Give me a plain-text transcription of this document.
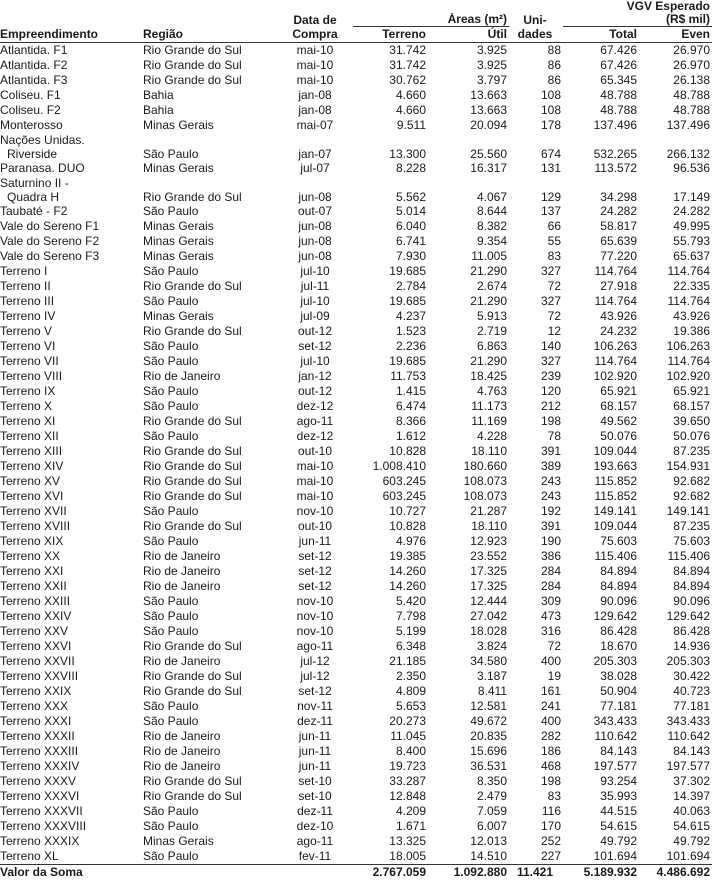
						VGV Esperado	
		Data de	Áreas (m²)		Uni-	(R$ mil)	
Empreendimento	Região	Compra	Terreno	Útil	dades	Total	Even

Atlantida. F1	Rio Grande do Sul	mai-10	31.742	3.925	88	67.426	26.970

Atlantida. F2	Rio Grande do Sul	mai-10	31.742	3.925	86	67.426	26.970

Atlantida. F3	Rio Grande do Sul	mai-10	30.762	3.797	86	65.345	26.138

Coliseu. F1	Bahia	jan-08	4.660	13.663	108	48.788	48.788

Coliseu. F2	Bahia	jan-08	4.660	13.663	108	48.788	48.788

Monterosso	Minas Gerais	mai-07	9.511	20.094	178	137.496	137.496

Nações Unidas.
Riverside	São Paulo	jan-07	13.300	25.560	674	532.265	266.132

Paranasa. DUO	Minas Gerais	jul-07	8.228	16.317	131	113.572	96.536

Saturnino II -
Quadra H	Rio Grande do Sul	jun-08	5.562	4.067	129	34.298	17.149

Taubaté - F2	São Paulo	out-07	5.014	8.644	137	24.282	24.282

Vale do Sereno F1	Minas Gerais	jun-08	6.040	8.382	66	58.817	49.995

Vale do Sereno F2	Minas Gerais	jun-08	6.741	9.354	55	65.639	55.793

Vale do Sereno F3	Minas Gerais	jun-08	7.930	11.005	83	77.220	65.637

Terreno I	São Paulo	jul-10	19.685	21.290	327	114.764	114.764

Terreno II	Rio Grande do Sul	jul-11	2.784	2.674	72	27.918	22.335

Terreno III	São Paulo	jul-10	19.685	21.290	327	114.764	114.764

Terreno IV	Minas Gerais	jul-09	4.237	5.913	72	43.926	43.926

Terreno V	Rio Grande do Sul	out-12	1.523	2.719	12	24.232	19.386

Terreno VI	São Paulo	set-12	2.236	6.863	140	106.263	106.263

Terreno VII	São Paulo	jul-10	19.685	21.290	327	114.764	114.764

Terreno VIII	Rio de Janeiro	jan-12	11.753	18.425	239	102.920	102.920

Terreno IX	São Paulo	out-12	1.415	4.763	120	65.921	65.921

Terreno X	São Paulo	dez-12	6.474	11.173	212	68.157	68.157

Terreno XI	Rio Grande do Sul	ago-11	8.366	11.169	198	49.562	39.650

Terreno XII	São Paulo	dez-12	1.612	4.228	78	50.076	50.076

Terreno XIII	Rio Grande do Sul	out-10	10.828	18.110	391	109.044	87.235

Terreno XIV	Rio Grande do Sul	mai-10	1.008.410	180.660	389	193.663	154.931

Terreno XV	Rio Grande do Sul	mai-10	603.245	108.073	243	115.852	92.682

Terreno XVI	Rio Grande do Sul	mai-10	603.245	108.073	243	115.852	92.682

Terreno XVII	São Paulo	nov-10	10.727	21.287	192	149.141	149.141

Terreno XVIII	Rio Grande do Sul	out-10	10.828	18.110	391	109.044	87.235

Terreno XIX	São Paulo	jun-11	4.976	12.923	190	75.603	75.603

Terreno XX	Rio de Janeiro	set-12	19.385	23.552	386	115.406	115.406

Terreno XXI	Rio de Janeiro	set-12	14.260	17.325	284	84.894	84.894

Terreno XXII	Rio de Janeiro	set-12	14.260	17.325	284	84.894	84.894

Terreno XXIII	São Paulo	nov-10	5.420	12.444	309	90.096	90.096

Terreno XXIV	São Paulo	nov-10	7.798	27.042	473	129.642	129.642

Terreno XXV	São Paulo	nov-10	5.199	18.028	316	86.428	86.428

Terreno XXVI	Rio Grande do Sul	ago-11	6.348	3.824	72	18.670	14.936

Terreno XXVII	Rio de Janeiro	jul-12	21.185	34.580	400	205.303	205.303

Terreno XXVIII	Rio Grande do Sul	jul-12	2.350	3.187	19	38.028	30.422

Terreno XXIX	Rio Grande do Sul	set-12	4.809	8.411	161	50.904	40.723

Terreno XXX	São Paulo	nov-11	5.653	12.581	241	77.181	77.181

Terreno XXXI	São Paulo	dez-11	20.273	49.672	400	343.433	343.433

Terreno XXXII	Rio de Janeiro	jun-11	11.045	20.835	282	110.642	110.642

Terreno XXXIII	Rio de Janeiro	jun-11	8.400	15.696	186	84.143	84.143

Terreno XXXIV	Rio de Janeiro	jun-11	19.723	36.531	468	197.577	197.577

Terreno XXXV	Rio Grande do Sul	set-10	33.287	8.350	198	93.254	37.302

Terreno XXXVI	Rio Grande do Sul	set-10	12.848	2.479	83	35.993	14.397

Terreno XXXVII	São Paulo	dez-11	4.209	7.059	116	44.515	40.063

Terreno XXXVIII	São Paulo	dez-10	1.671	6.007	170	54.615	54.615

Terreno XXXIX	Minas Gerais	ago-11	13.325	12.013	252	49.792	49.792

Terreno XL	São Paulo	fev-11	18.005	14.510	227	101.694	101.694
Valor da Soma			2.767.059	1.092.880	11.421	5.189.932	4.486.692
